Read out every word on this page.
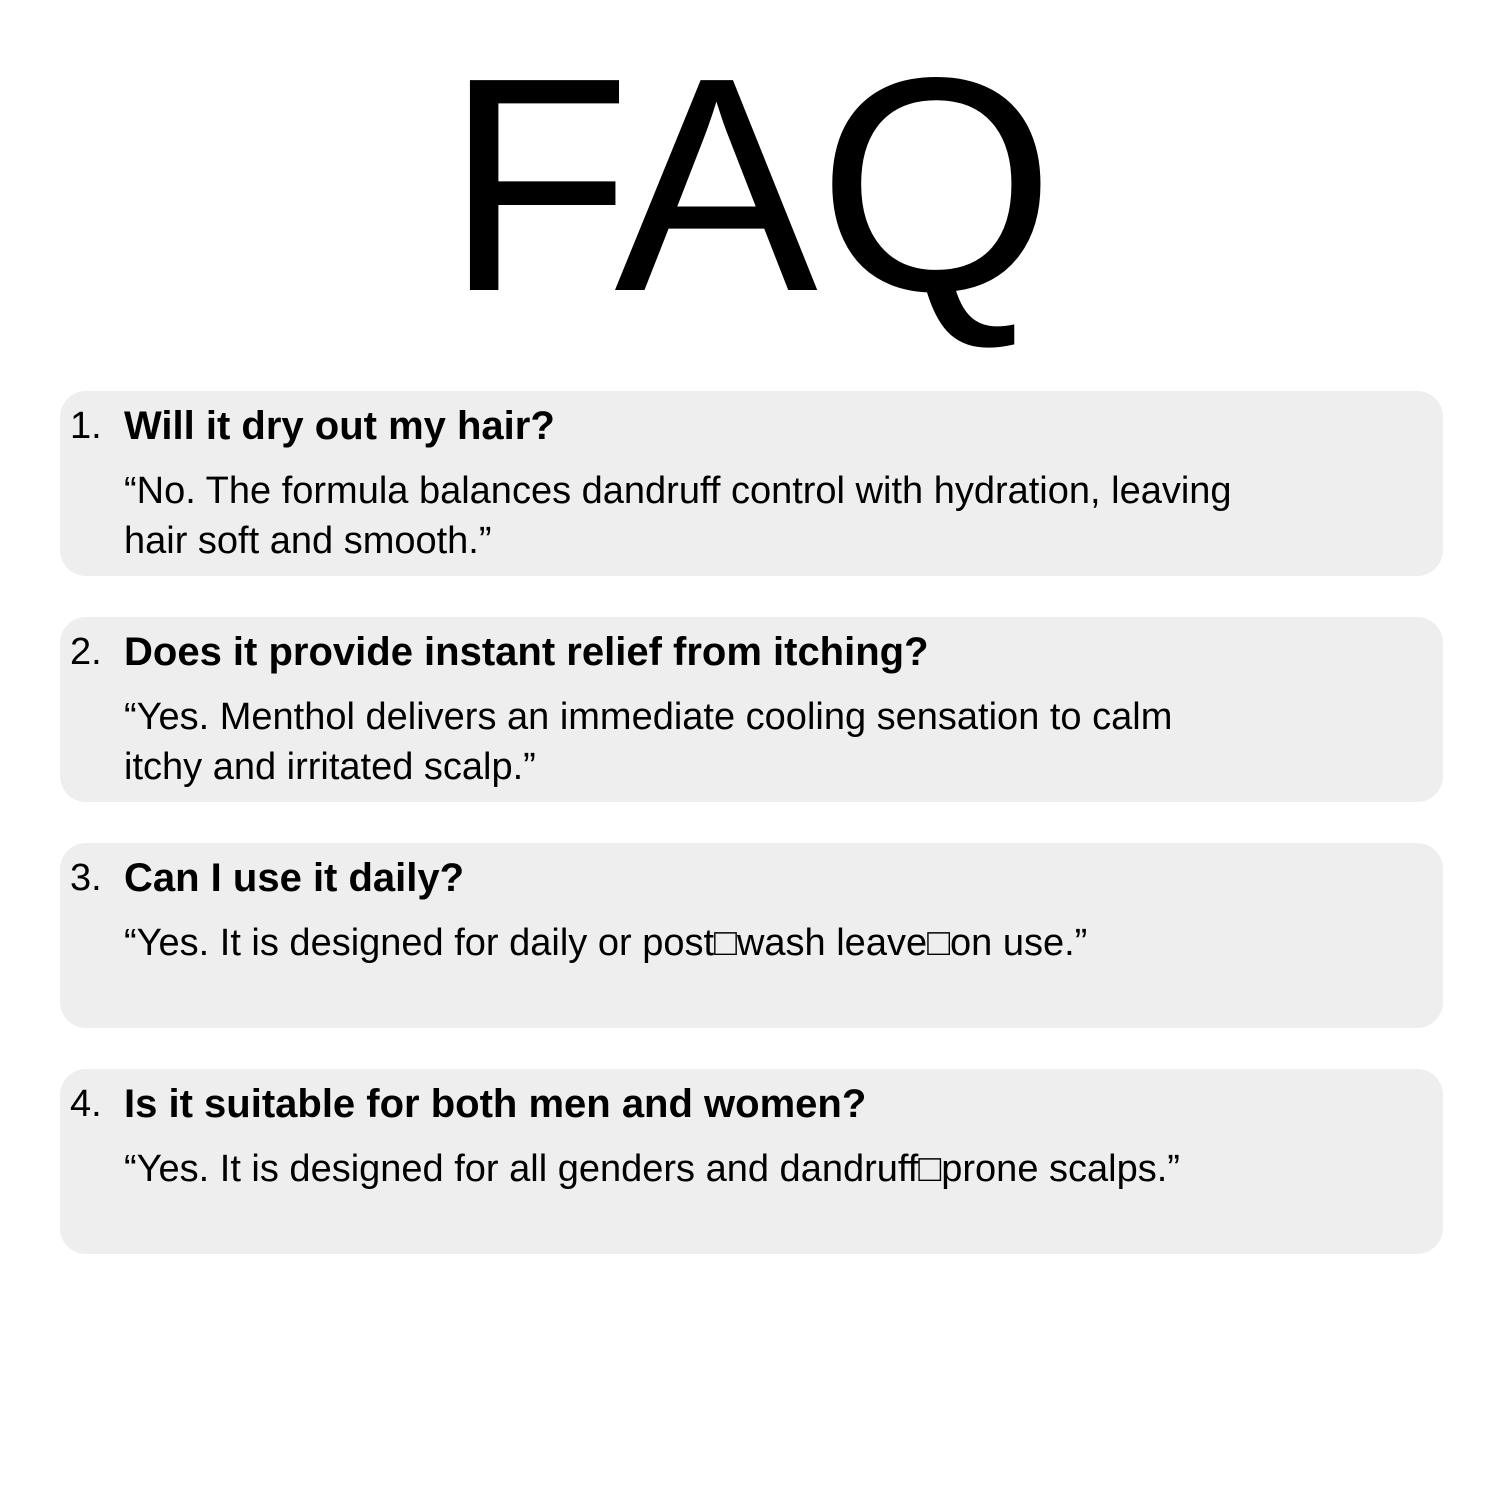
FAQ
1. Will it dry out my hair?
“No. The formula balances dandruff control with hydration, leaving hair soft and smooth.”
2. Does it provide instant relief from itching?
“Yes. Menthol delivers an immediate cooling sensation to calm itchy and irritated scalp.”
3. Can I use it daily?
“Yes. It is designed for daily or post□wash leave□on use.”
4. Is it suitable for both men and women?
“Yes. It is designed for all genders and dandruff□prone scalps.”
